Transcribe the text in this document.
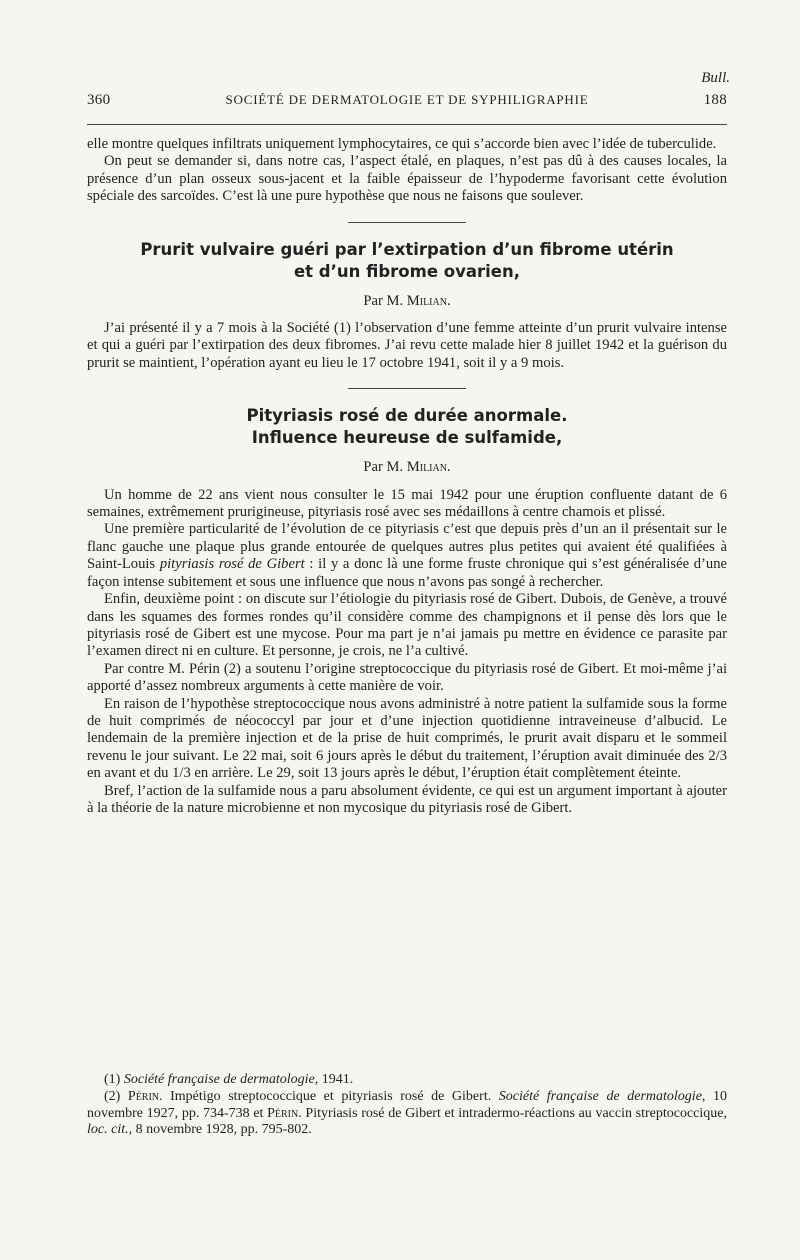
Bull.
360	SOCIÉTÉ DE DERMATOLOGIE ET DE SYPHILIGRAPHIE	188

elle montre quelques infiltrats uniquement lymphocytaires, ce qui s’accorde bien avec l’idée de tuberculide.

On peut se demander si, dans notre cas, l’aspect étalé, en plaques, n’est pas dû à des causes locales, la présence d’un plan osseux sous-jacent et la faible épaisseur de l’hypoderme favorisant cette évolution spéciale des sarcoïdes. C’est là une pure hypothèse que nous ne faisons que soulever.

Prurit vulvaire guéri par l’extirpation d’un fibrome utérin
et d’un fibrome ovarien,

Par M. Milian.

J’ai présenté il y a 7 mois à la Société (1) l’observation d’une femme atteinte d’un prurit vulvaire intense et qui a guéri par l’extirpation des deux fibromes. J’ai revu cette malade hier 8 juillet 1942 et la guérison du prurit se maintient, l’opération ayant eu lieu le 17 octobre 1941, soit il y a 9 mois.

Pityriasis rosé de durée anormale.
Influence heureuse de sulfamide,

Par M. Milian.

Un homme de 22 ans vient nous consulter le 15 mai 1942 pour une éruption confluente datant de 6 semaines, extrêmement prurigineuse, pityriasis rosé avec ses médaillons à centre chamois et plissé.

Une première particularité de l’évolution de ce pityriasis c’est que depuis près d’un an il présentait sur le flanc gauche une plaque plus grande entourée de quelques autres plus petites qui avaient été qualifiées à Saint-Louis pityriasis rosé de Gibert : il y a donc là une forme fruste chronique qui s’est généralisée d’une façon intense subitement et sous une influence que nous n’avons pas songé à rechercher.

Enfin, deuxième point : on discute sur l’étiologie du pityriasis rosé de Gibert. Dubois, de Genève, a trouvé dans les squames des formes rondes qu’il considère comme des champignons et il pense dès lors que le pityriasis rosé de Gibert est une mycose. Pour ma part je n’ai jamais pu mettre en évidence ce parasite par l’examen direct ni en culture. Et personne, je crois, ne l’a cultivé.

Par contre M. Périn (2) a soutenu l’origine streptococcique du pityriasis rosé de Gibert. Et moi-même j’ai apporté d’assez nombreux arguments à cette manière de voir.

En raison de l’hypothèse streptococcique nous avons administré à notre patient la sulfamide sous la forme de huit comprimés de néococcyl par jour et d’une injection quotidienne intraveineuse d’albucid. Le lendemain de la première injection et de la prise de huit comprimés, le prurit avait disparu et le sommeil revenu le jour suivant. Le 22 mai, soit 6 jours après le début du traitement, l’éruption avait diminuée des 2/3 en avant et du 1/3 en arrière. Le 29, soit 13 jours après le début, l’éruption était complètement éteinte.

Bref, l’action de la sulfamide nous a paru absolument évidente, ce qui est un argument important à ajouter à la théorie de la nature microbienne et non mycosique du pityriasis rosé de Gibert.

(1) Société française de dermatologie, 1941.

(2) Périn. Impétigo streptococcique et pityriasis rosé de Gibert. Société française de dermatologie, 10 novembre 1927, pp. 734-738 et Périn. Pityriasis rosé de Gibert et intradermo-réactions au vaccin streptococcique, loc. cit., 8 novembre 1928, pp. 795-802.
